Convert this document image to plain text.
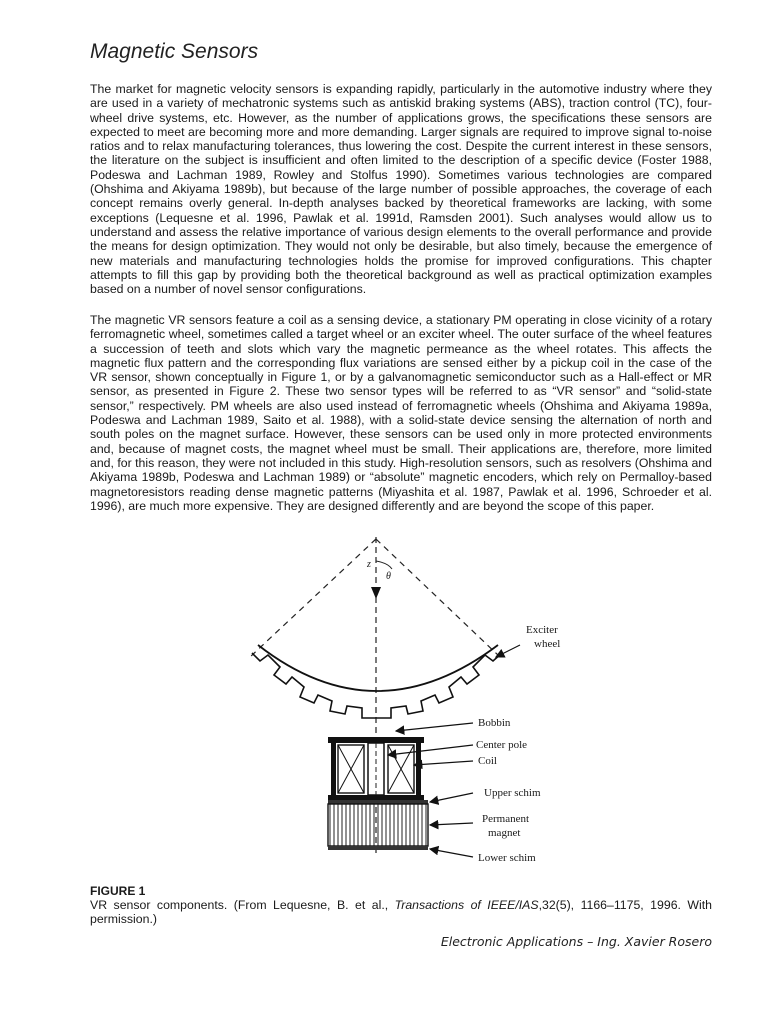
Magnetic Sensors

The market for magnetic velocity sensors is expanding rapidly, particularly in the automotive industry where they are used in a variety of mechatronic systems such as antiskid braking systems (ABS), traction control (TC), four-wheel drive systems, etc. However, as the number of applications grows, the specifications these sensors are expected to meet are becoming more and more demanding. Larger signals are required to improve signal to-noise ratios and to relax manufacturing tolerances, thus lowering the cost. Despite the current interest in these sensors, the literature on the subject is insufficient and often limited to the description of a specific device (Foster 1988, Podeswa and Lachman 1989, Rowley and Stolfus 1990). Sometimes various technologies are compared (Ohshima and Akiyama 1989b), but because of the large number of possible approaches, the coverage of each concept remains overly general. In-depth analyses backed by theoretical frameworks are lacking, with some exceptions (Lequesne et al. 1996, Pawlak et al. 1991d, Ramsden 2001). Such analyses would allow us to understand and assess the relative importance of various design elements to the overall performance and provide the means for design optimization. They would not only be desirable, but also timely, because the emergence of new materials and manufacturing technologies holds the promise for improved configurations. This chapter attempts to fill this gap by providing both the theoretical background as well as practical optimization examples based on a number of novel sensor configurations.

The magnetic VR sensors feature a coil as a sensing device, a stationary PM operating in close vicinity of a rotary ferromagnetic wheel, sometimes called a target wheel or an exciter wheel. The outer surface of the wheel features a succession of teeth and slots which vary the magnetic permeance as the wheel rotates. This affects the magnetic flux pattern and the corresponding flux variations are sensed either by a pickup coil in the case of the VR sensor, shown conceptually in Figure 1, or by a galvanomagnetic semiconductor such as a Hall-effect or MR sensor, as presented in Figure 2. These two sensor types will be referred to as “VR sensor” and “solid-state sensor,” respectively. PM wheels are also used instead of ferromagnetic wheels (Ohshima and Akiyama 1989a, Podeswa and Lachman 1989, Saito et al. 1988), with a solid-state device sensing the alternation of north and south poles on the magnet surface. However, these sensors can be used only in more protected environments and, because of magnet costs, the magnet wheel must be small. Their applications are, therefore, more limited and, for this reason, they were not included in this study. High-resolution sensors, such as resolvers (Ohshima and Akiyama 1989b, Podeswa and Lachman 1989) or “absolute” magnetic encoders, which rely on Permalloy-based magnetoresistors reading dense magnetic patterns (Miyashita et al. 1987, Pawlak et al. 1996, Schroeder et al. 1996), are much more expensive. They are designed differently and are beyond the scope of this paper.

z
θ
Exciter
wheel
Bobbin
Center pole
Coil
Upper schim
Permanent
magnet
Lower schim

FIGURE 1

VR sensor components. (From Lequesne, B. et al., Transactions of IEEE/IAS,32(5), 1166–1175, 1996. With permission.)

Electronic Applications – Ing. Xavier Rosero
